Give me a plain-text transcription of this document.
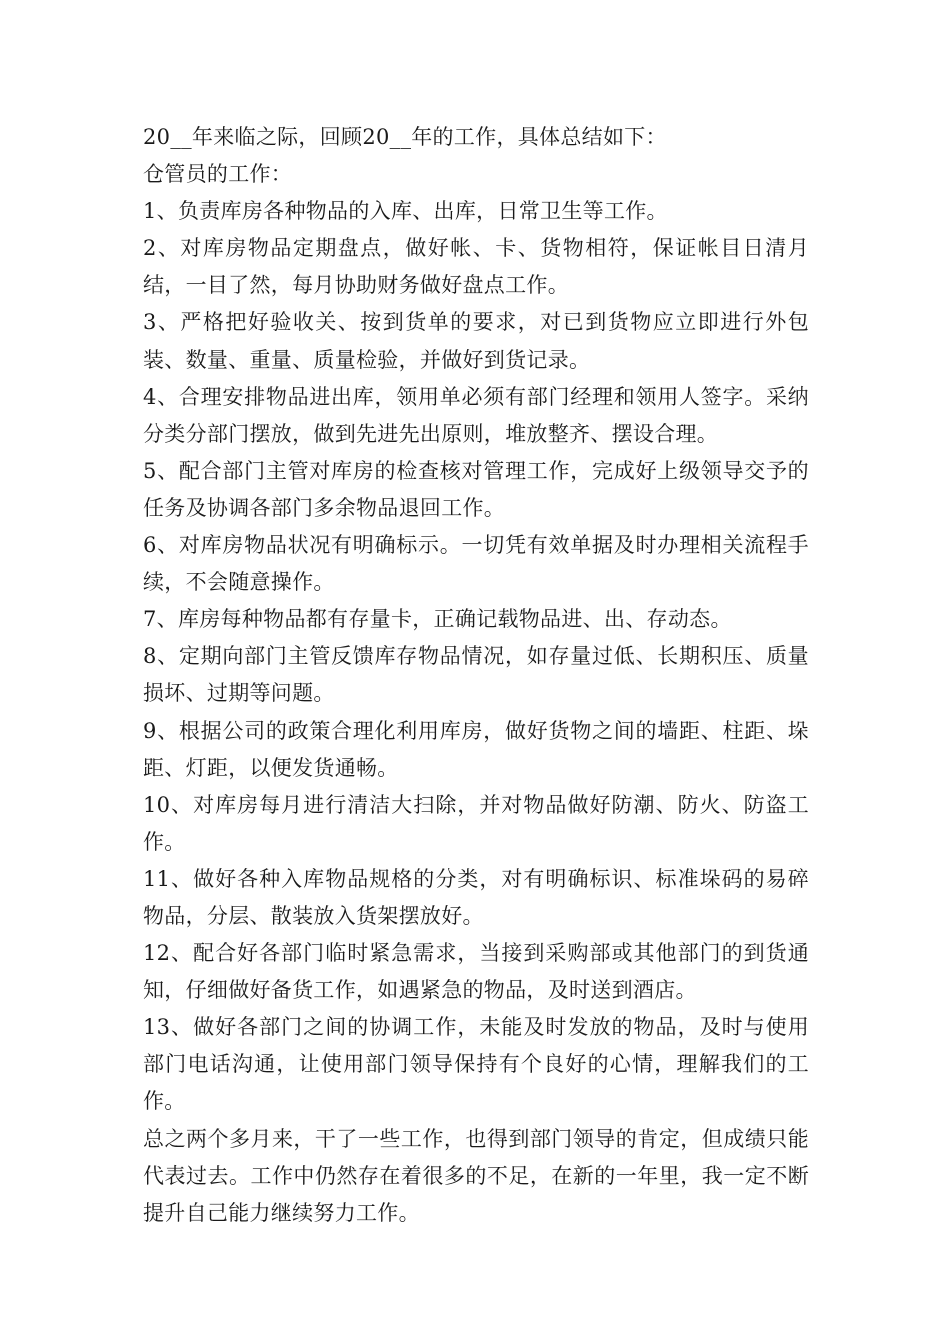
20__年来临之际，回顾20__年的工作，具体总结如下：

仓管员的工作：

1、负责库房各种物品的入库、出库，日常卫生等工作。

2、对库房物品定期盘点，做好帐、卡、货物相符，保证帐目日清月结，一目了然，每月协助财务做好盘点工作。

3、严格把好验收关、按到货单的要求，对已到货物应立即进行外包装、数量、重量、质量检验，并做好到货记录。

4、合理安排物品进出库，领用单必须有部门经理和领用人签字。采纳分类分部门摆放，做到先进先出原则，堆放整齐、摆设合理。

5、配合部门主管对库房的检查核对管理工作，完成好上级领导交予的任务及协调各部门多余物品退回工作。

6、对库房物品状况有明确标示。一切凭有效单据及时办理相关流程手续，不会随意操作。

7、库房每种物品都有存量卡，正确记载物品进、出、存动态。

8、定期向部门主管反馈库存物品情况，如存量过低、长期积压、质量损坏、过期等问题。

9、根据公司的政策合理化利用库房，做好货物之间的墙距、柱距、垛距、灯距，以便发货通畅。

10、对库房每月进行清洁大扫除，并对物品做好防潮、防火、防盗工作。

11、做好各种入库物品规格的分类，对有明确标识、标准垛码的易碎物品，分层、散装放入货架摆放好。

12、配合好各部门临时紧急需求，当接到采购部或其他部门的到货通知，仔细做好备货工作，如遇紧急的物品，及时送到酒店。

13、做好各部门之间的协调工作，未能及时发放的物品，及时与使用部门电话沟通，让使用部门领导保持有个良好的心情，理解我们的工作。

总之两个多月来，干了一些工作，也得到部门领导的肯定，但成绩只能代表过去。工作中仍然存在着很多的不足，在新的一年里，我一定不断提升自己能力继续努力工作。
